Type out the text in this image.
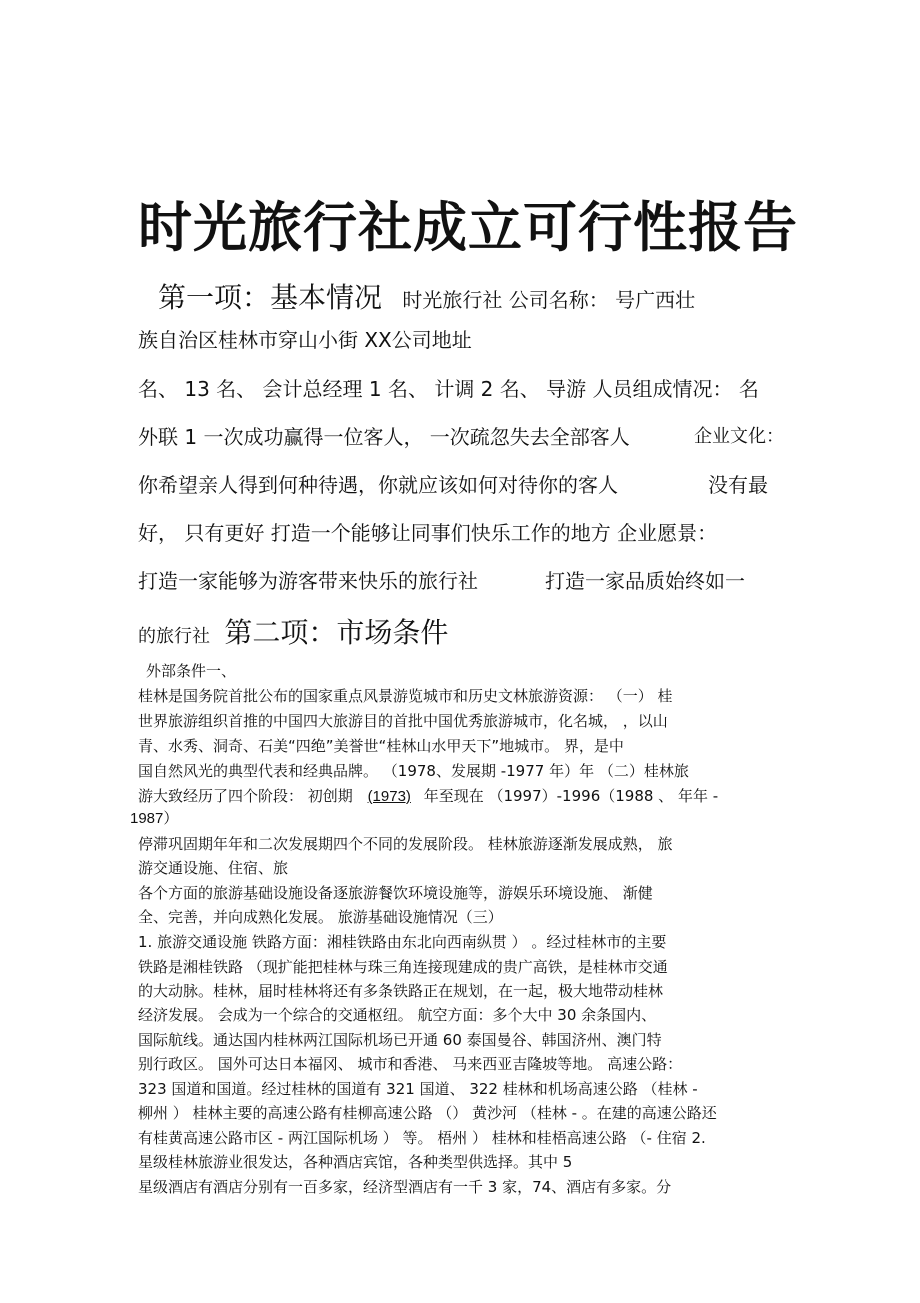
时光旅行社成立可行性报告
第一项：基本情况 时光旅行社 公司名称： 号广西壮

族自治区桂林市穿山小街 XX公司地址

名、 13 名、 会计总经理 1 名、 计调 2 名、 导游 人员组成情况： 名

外联 1 一次成功赢得一位客人， 一次疏忽失去全部客人	企业文化：

你希望亲人得到何种待遇，你就应该如何对待你的客人	没有最

好， 只有更好 打造一个能够让同事们快乐工作的地方 企业愿景：

打造一家能够为游客带来快乐的旅行社	打造一家品质始终如一

的旅行社 第二项：市场条件

外部条件一、

桂林是国务院首批公布的国家重点风景游览城市和历史文林旅游资源： （一） 桂

世界旅游组织首推的中国四大旅游目的首批中国优秀旅游城市，化名城， ，以山

青、水秀、洞奇、石美“四绝”美誉世“桂林山水甲天下”地城市。 界，是中

国自然风光的典型代表和经典品牌。 （1978、发展期 -1977 年）年 （二）桂林旅

游大致经历了四个阶段： 初创期 (1973) 年至现在 （1997）-1996（1988 、 年年 -

1987）

停滞巩固期年年和二次发展期四个不同的发展阶段。 桂林旅游逐渐发展成熟， 旅

游交通设施、住宿、旅

各个方面的旅游基础设施设备逐旅游餐饮环境设施等，游娱乐环境设施、 渐健

全、完善，并向成熟化发展。 旅游基础设施情况（三）

1. 旅游交通设施 铁路方面：湘桂铁路由东北向西南纵贯 ） 。经过桂林市的主要

铁路是湘桂铁路 （现扩能把桂林与珠三角连接现建成的贵广高铁，是桂林市交通

的大动脉。桂林，届时桂林将还有多条铁路正在规划，在一起，极大地带动桂林

经济发展。 会成为一个综合的交通枢纽。 航空方面：多个大中 30 余条国内、

国际航线。通达国内桂林两江国际机场已开通 60 泰国曼谷、韩国济州、澳门特

别行政区。 国外可达日本福冈、 城市和香港、 马来西亚吉隆坡等地。 高速公路：

323 国道和国道。经过桂林的国道有 321 国道、 322 桂林和机场高速公路 （桂林 -

柳州 ） 桂林主要的高速公路有桂柳高速公路 （） 黄沙河 （桂林 - 。在建的高速公路还

有桂黄高速公路市区 - 两江国际机场 ） 等。 梧州 ） 桂林和桂梧高速公路 （- 住宿 2.

星级桂林旅游业很发达，各种酒店宾馆，各种类型供选择。其中 5

星级酒店有酒店分别有一百多家，经济型酒店有一千 3 家，74、酒店有多家。分
